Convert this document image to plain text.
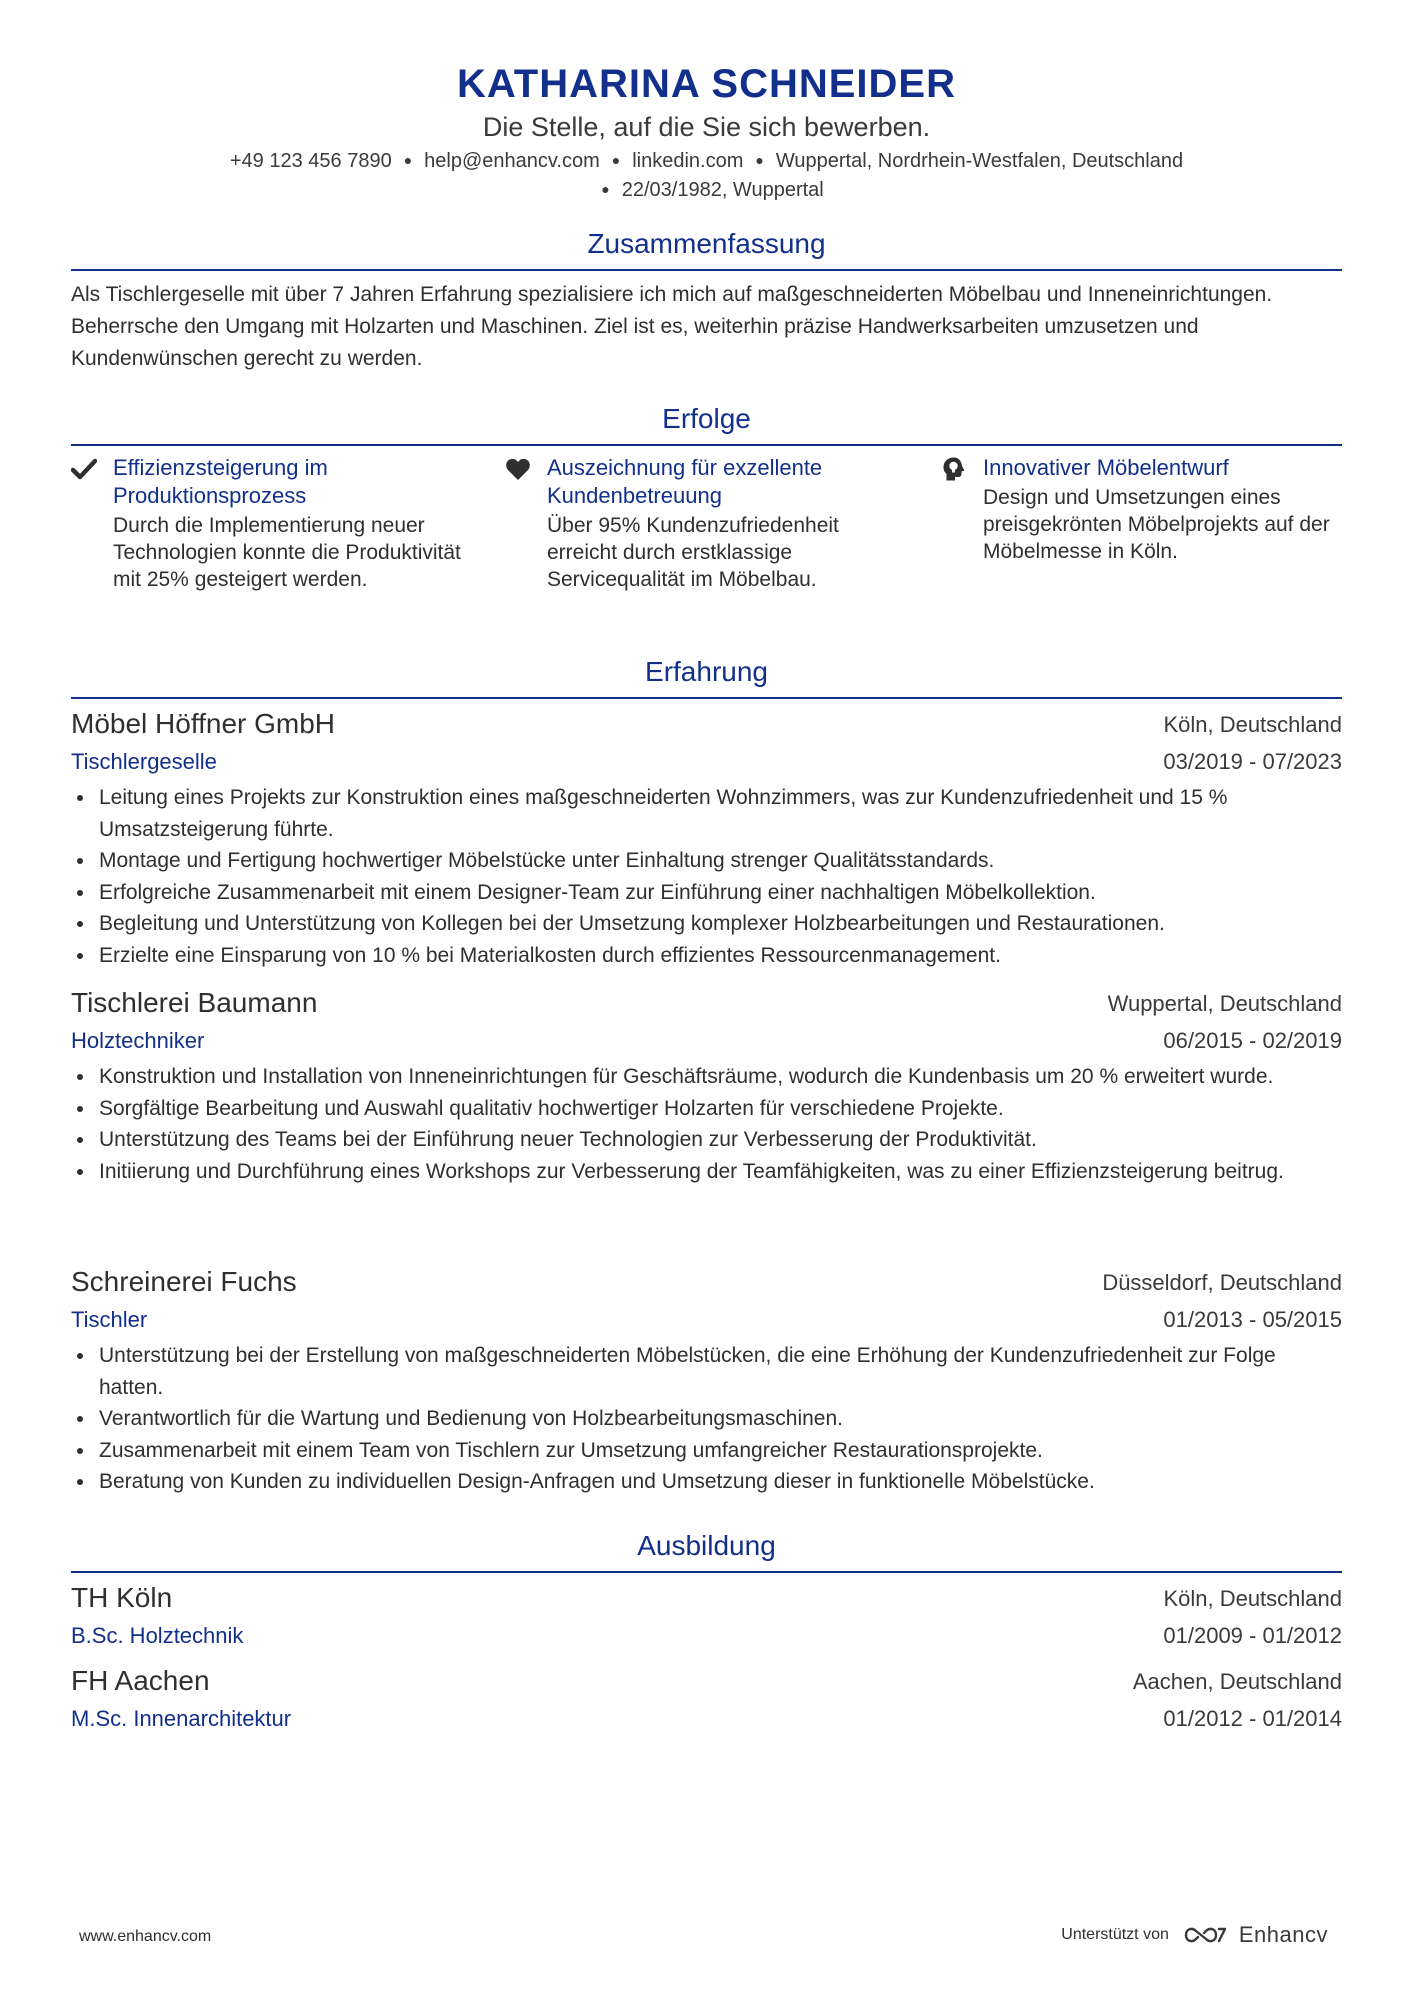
KATHARINA SCHNEIDER
Die Stelle, auf die Sie sich bewerben.
+49 123 456 7890 ● help@enhancv.com ● linkedin.com ● Wuppertal, Nordrhein-Westfalen, Deutschland
● 22/03/1982, Wuppertal
Zusammenfassung
Als Tischlergeselle mit über 7 Jahren Erfahrung spezialisiere ich mich auf maßgeschneiderten Möbelbau und Inneneinrichtungen. Beherrsche den Umgang mit Holzarten und Maschinen. Ziel ist es, weiterhin präzise Handwerksarbeiten umzusetzen und Kundenwünschen gerecht zu werden.
Erfolge
Effizienzsteigerung im Produktionsprozess
Durch die Implementierung neuer Technologien konnte die Produktivität mit 25% gesteigert werden.
Auszeichnung für exzellente Kundenbetreuung
Über 95% Kundenzufriedenheit erreicht durch erstklassige Servicequalität im Möbelbau.
Innovativer Möbelentwurf
Design und Umsetzungen eines preisgekrönten Möbelprojekts auf der Möbelmesse in Köln.
Erfahrung
Möbel Höffner GmbH	Köln, Deutschland
Tischlergeselle	03/2019 - 07/2023
Leitung eines Projekts zur Konstruktion eines maßgeschneiderten Wohnzimmers, was zur Kundenzufriedenheit und 15 % Umsatzsteigerung führte.
Montage und Fertigung hochwertiger Möbelstücke unter Einhaltung strenger Qualitätsstandards.
Erfolgreiche Zusammenarbeit mit einem Designer-Team zur Einführung einer nachhaltigen Möbelkollektion.
Begleitung und Unterstützung von Kollegen bei der Umsetzung komplexer Holzbearbeitungen und Restaurationen.
Erzielte eine Einsparung von 10 % bei Materialkosten durch effizientes Ressourcenmanagement.
Tischlerei Baumann	Wuppertal, Deutschland
Holztechniker	06/2015 - 02/2019
Konstruktion und Installation von Inneneinrichtungen für Geschäftsräume, wodurch die Kundenbasis um 20 % erweitert wurde.
Sorgfältige Bearbeitung und Auswahl qualitativ hochwertiger Holzarten für verschiedene Projekte.
Unterstützung des Teams bei der Einführung neuer Technologien zur Verbesserung der Produktivität.
Initiierung und Durchführung eines Workshops zur Verbesserung der Teamfähigkeiten, was zu einer Effizienzsteigerung beitrug.
Schreinerei Fuchs	Düsseldorf, Deutschland
Tischler	01/2013 - 05/2015
Unterstützung bei der Erstellung von maßgeschneiderten Möbelstücken, die eine Erhöhung der Kundenzufriedenheit zur Folge hatten.
Verantwortlich für die Wartung und Bedienung von Holzbearbeitungsmaschinen.
Zusammenarbeit mit einem Team von Tischlern zur Umsetzung umfangreicher Restaurationsprojekte.
Beratung von Kunden zu individuellen Design-Anfragen und Umsetzung dieser in funktionelle Möbelstücke.
Ausbildung
TH Köln	Köln, Deutschland
B.Sc. Holztechnik	01/2009 - 01/2012
FH Aachen	Aachen, Deutschland
M.Sc. Innenarchitektur	01/2012 - 01/2014
www.enhancv.com	Unterstützt von	Enhancv
